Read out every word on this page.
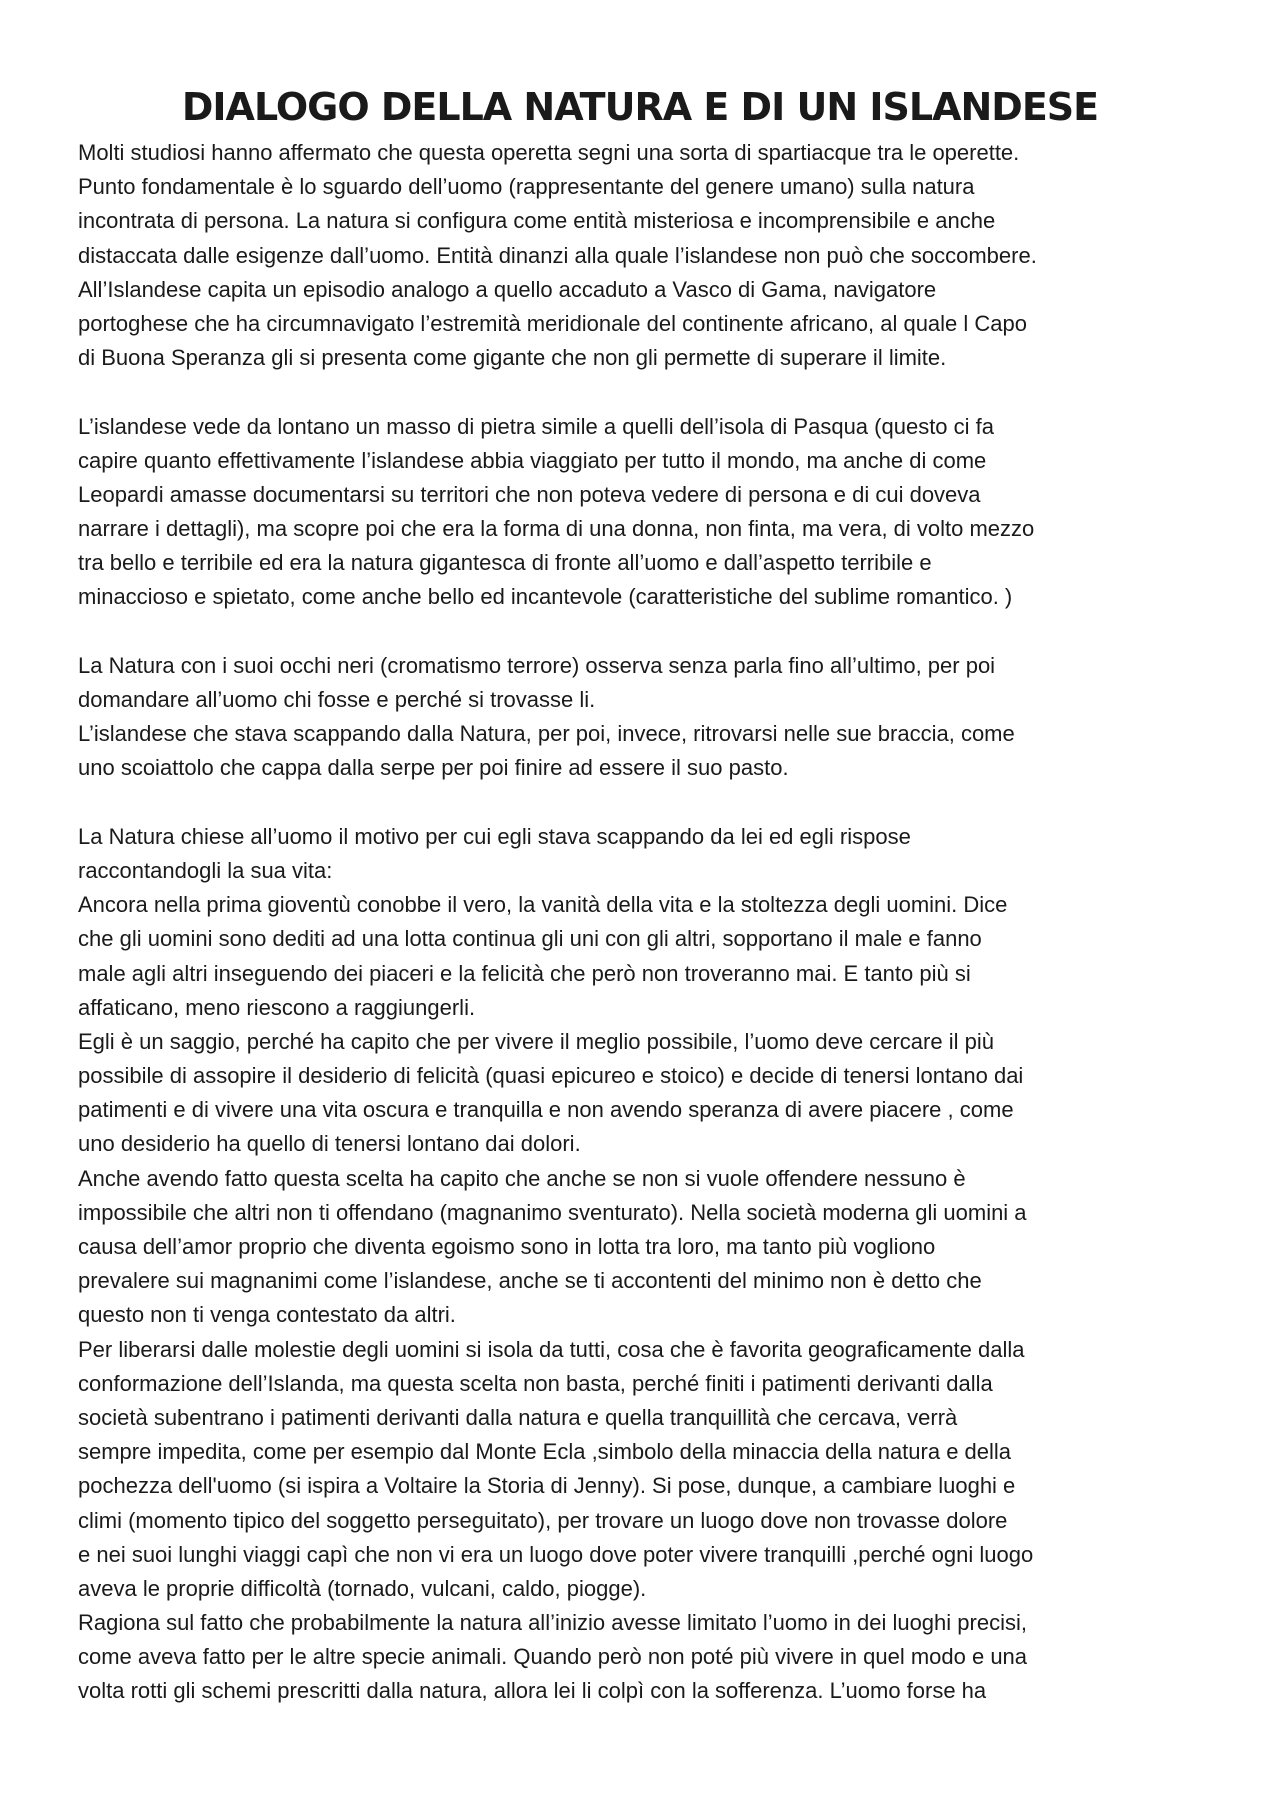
DIALOGO DELLA NATURA E DI UN ISLANDESE
Molti studiosi hanno affermato che questa operetta segni una sorta di spartiacque tra le operette.
Punto fondamentale è lo sguardo dell’uomo (rappresentante del genere umano) sulla natura
incontrata di persona. La natura si configura come entità misteriosa e incomprensibile e anche
distaccata dalle esigenze dall’uomo. Entità dinanzi alla quale l’islandese non può che soccombere.
All’Islandese capita un episodio analogo a quello accaduto a Vasco di Gama, navigatore
portoghese che ha circumnavigato l’estremità meridionale del continente africano, al quale l Capo
di Buona Speranza gli si presenta come gigante che non gli permette di superare il limite.
L’islandese vede da lontano un masso di pietra simile a quelli dell’isola di Pasqua (questo ci fa
capire quanto effettivamente l’islandese abbia viaggiato per tutto il mondo, ma anche di come
Leopardi amasse documentarsi su territori che non poteva vedere di persona e di cui doveva
narrare i dettagli), ma scopre poi che era la forma di una donna, non finta, ma vera, di volto mezzo
tra bello e terribile ed era la natura gigantesca di fronte all’uomo e dall’aspetto terribile e
minaccioso e spietato, come anche bello ed incantevole (caratteristiche del sublime romantico. )
La Natura con i suoi occhi neri (cromatismo terrore) osserva senza parla fino all’ultimo, per poi
domandare all’uomo chi fosse e perché si trovasse li.
L’islandese che stava scappando dalla Natura, per poi, invece, ritrovarsi nelle sue braccia, come
uno scoiattolo che cappa dalla serpe per poi finire ad essere il suo pasto.
La Natura chiese all’uomo il motivo per cui egli stava scappando da lei ed egli rispose
raccontandogli la sua vita:
Ancora nella prima gioventù conobbe il vero, la vanità della vita e la stoltezza degli uomini. Dice
che gli uomini sono dediti ad una lotta continua gli uni con gli altri, sopportano il male e fanno
male agli altri inseguendo dei piaceri e la felicità che però non troveranno mai. E tanto più si
affaticano, meno riescono a raggiungerli.
Egli è un saggio, perché ha capito che per vivere il meglio possibile, l’uomo deve cercare il più
possibile di assopire il desiderio di felicità (quasi epicureo e stoico) e decide di tenersi lontano dai
patimenti e di vivere una vita oscura e tranquilla e non avendo speranza di avere piacere , come
uno desiderio ha quello di tenersi lontano dai dolori.
Anche avendo fatto questa scelta ha capito che anche se non si vuole offendere nessuno è
impossibile che altri non ti offendano (magnanimo sventurato). Nella società moderna gli uomini a
causa dell’amor proprio che diventa egoismo sono in lotta tra loro, ma tanto più vogliono
prevalere sui magnanimi come l’islandese, anche se ti accontenti del minimo non è detto che
questo non ti venga contestato da altri.
Per liberarsi dalle molestie degli uomini si isola da tutti, cosa che è favorita geograficamente dalla
conformazione dell’Islanda, ma questa scelta non basta, perché finiti i patimenti derivanti dalla
società subentrano i patimenti derivanti dalla natura e quella tranquillità che cercava, verrà
sempre impedita, come per esempio dal Monte Ecla ,simbolo della minaccia della natura e della
pochezza dell'uomo (si ispira a Voltaire la Storia di Jenny). Si pose, dunque, a cambiare luoghi e
climi (momento tipico del soggetto perseguitato), per trovare un luogo dove non trovasse dolore
e nei suoi lunghi viaggi capì che non vi era un luogo dove poter vivere tranquilli ,perché ogni luogo
aveva le proprie difficoltà (tornado, vulcani, caldo, piogge).
Ragiona sul fatto che probabilmente la natura all’inizio avesse limitato l’uomo in dei luoghi precisi,
come aveva fatto per le altre specie animali. Quando però non poté più vivere in quel modo e una
volta rotti gli schemi prescritti dalla natura, allora lei li colpì con la sofferenza. L’uomo forse ha
